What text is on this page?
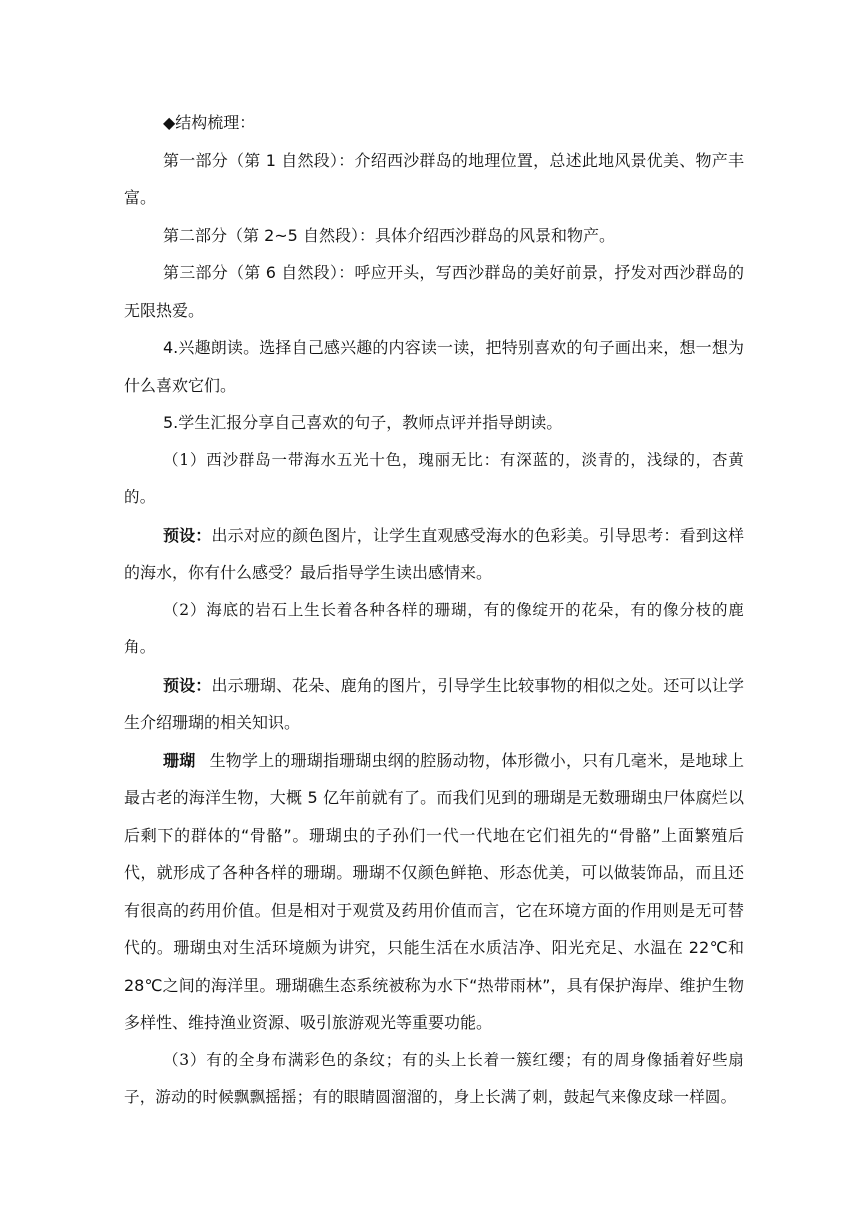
◆结构梳理：

第一部分（第 1 自然段）：介绍西沙群岛的地理位置，总述此地风景优美、物产丰富。

第二部分（第 2~5 自然段）：具体介绍西沙群岛的风景和物产。

第三部分（第 6 自然段）：呼应开头，写西沙群岛的美好前景，抒发对西沙群岛的无限热爱。

4.兴趣朗读。选择自己感兴趣的内容读一读，把特别喜欢的句子画出来，想一想为什么喜欢它们。

5.学生汇报分享自己喜欢的句子，教师点评并指导朗读。

（1）西沙群岛一带海水五光十色，瑰丽无比：有深蓝的，淡青的，浅绿的，杏黄的。

预设：出示对应的颜色图片，让学生直观感受海水的色彩美。引导思考：看到这样的海水，你有什么感受？最后指导学生读出感情来。

（2）海底的岩石上生长着各种各样的珊瑚，有的像绽开的花朵，有的像分枝的鹿角。

预设：出示珊瑚、花朵、鹿角的图片，引导学生比较事物的相似之处。还可以让学生介绍珊瑚的相关知识。

珊瑚 生物学上的珊瑚指珊瑚虫纲的腔肠动物，体形微小，只有几毫米，是地球上最古老的海洋生物，大概 5 亿年前就有了。而我们见到的珊瑚是无数珊瑚虫尸体腐烂以后剩下的群体的“骨骼”。珊瑚虫的子孙们一代一代地在它们祖先的“骨骼”上面繁殖后代，就形成了各种各样的珊瑚。珊瑚不仅颜色鲜艳、形态优美，可以做装饰品，而且还有很高的药用价值。但是相对于观赏及药用价值而言，它在环境方面的作用则是无可替代的。珊瑚虫对生活环境颇为讲究，只能生活在水质洁净、阳光充足、水温在 22℃和 28℃之间的海洋里。珊瑚礁生态系统被称为水下“热带雨林”，具有保护海岸、维护生物多样性、维持渔业资源、吸引旅游观光等重要功能。

（3）有的全身布满彩色的条纹；有的头上长着一簇红缨；有的周身像插着好些扇子，游动的时候飘飘摇摇；有的眼睛圆溜溜的，身上长满了刺，鼓起气来像皮球一样圆。
